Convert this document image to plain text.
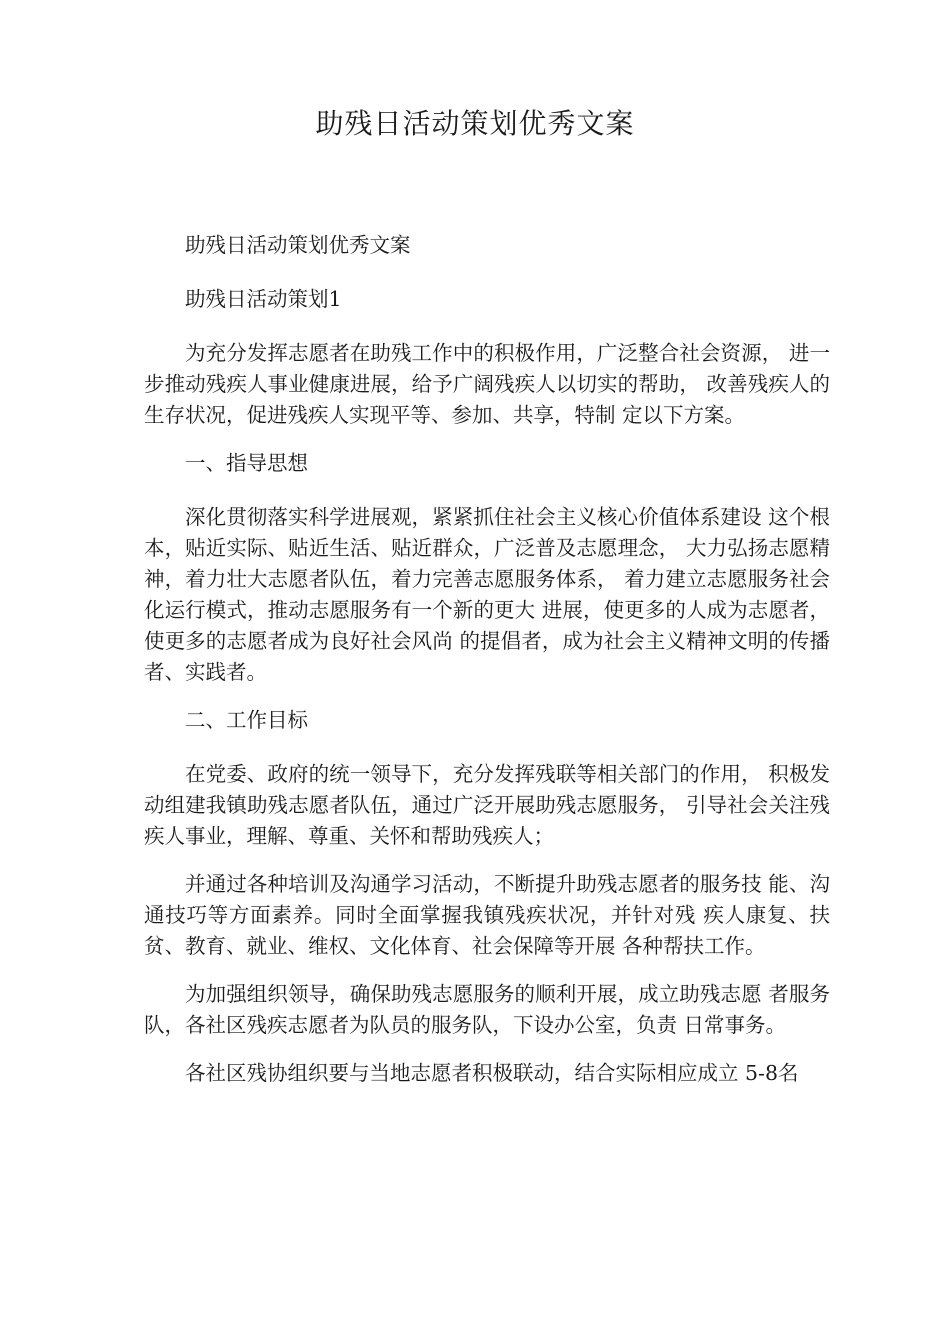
助残日活动策划优秀文案

助残日活动策划优秀文案

助残日活动策划1

为充分发挥志愿者在助残工作中的积极作用，广泛整合社会资源， 进一步推动残疾人事业健康进展，给予广阔残疾人以切实的帮助， 改善残疾人的生存状况，促进残疾人实现平等、参加、共享，特制 定以下方案。

一、指导思想

深化贯彻落实科学进展观，紧紧抓住社会主义核心价值体系建设 这个根本，贴近实际、贴近生活、贴近群众，广泛普及志愿理念， 大力弘扬志愿精神，着力壮大志愿者队伍，着力完善志愿服务体系， 着力建立志愿服务社会化运行模式，推动志愿服务有一个新的更大 进展，使更多的人成为志愿者，使更多的志愿者成为良好社会风尚 的提倡者，成为社会主义精神文明的传播者、实践者。

二、工作目标

在党委、政府的统一领导下，充分发挥残联等相关部门的作用， 积极发动组建我镇助残志愿者队伍，通过广泛开展助残志愿服务， 引导社会关注残疾人事业，理解、尊重、关怀和帮助残疾人；

并通过各种培训及沟通学习活动，不断提升助残志愿者的服务技 能、沟通技巧等方面素养。同时全面掌握我镇残疾状况，并针对残 疾人康复、扶贫、教育、就业、维权、文化体育、社会保障等开展 各种帮扶工作。

为加强组织领导，确保助残志愿服务的顺利开展，成立助残志愿 者服务队，各社区残疾志愿者为队员的服务队，下设办公室，负责 日常事务。

各社区残协组织要与当地志愿者积极联动，结合实际相应成立 5-8名
